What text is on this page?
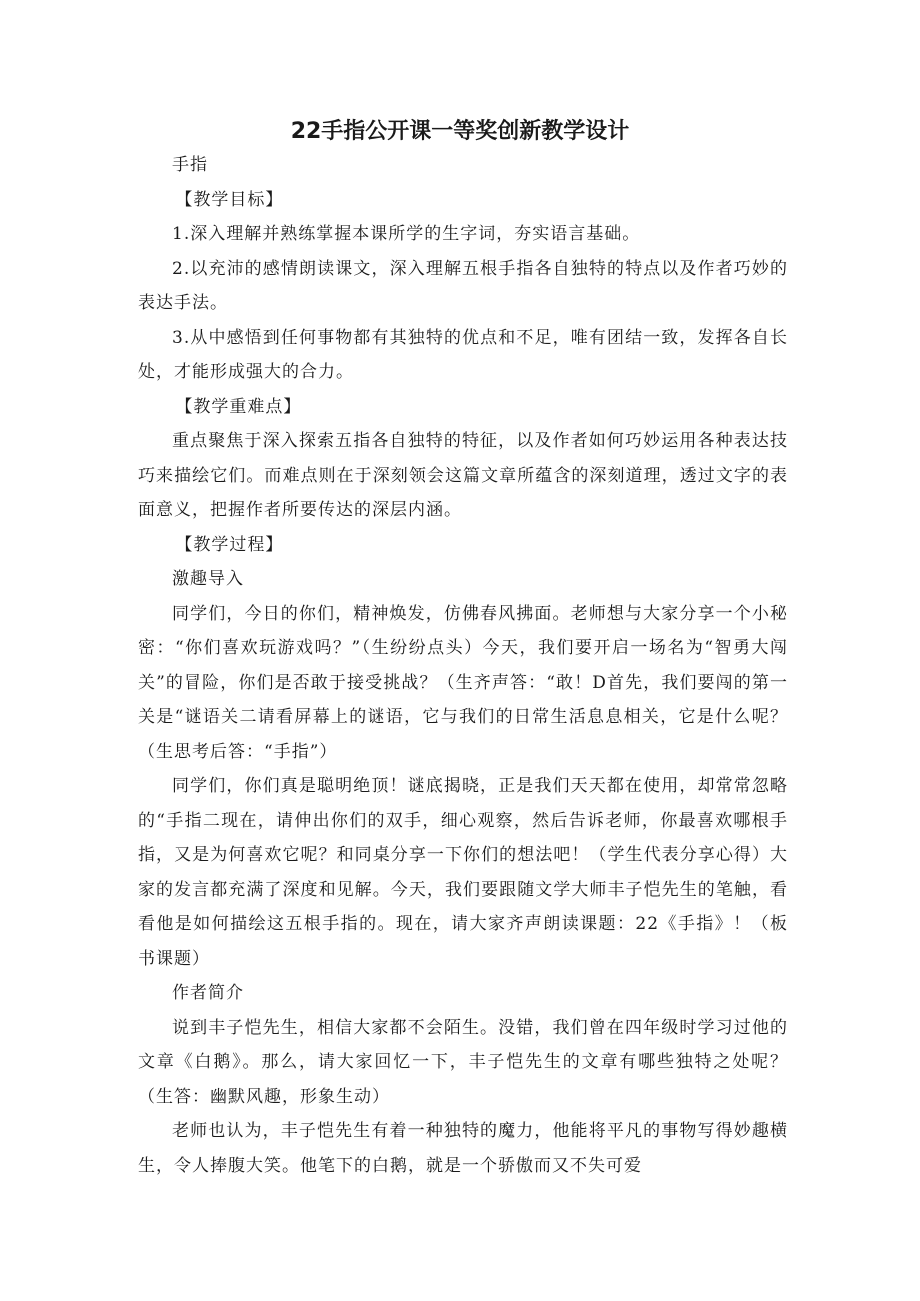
22手指公开课一等奖创新教学设计

手指

【教学目标】

1.深入理解并熟练掌握本课所学的生字词，夯实语言基础。

2.以充沛的感情朗读课文，深入理解五根手指各自独特的特点以及作者巧妙的表达手法。

3.从中感悟到任何事物都有其独特的优点和不足，唯有团结一致，发挥各自长处，才能形成强大的合力。

【教学重难点】

重点聚焦于深入探索五指各自独特的特征，以及作者如何巧妙运用各种表达技巧来描绘它们。而难点则在于深刻领会这篇文章所蕴含的深刻道理，透过文字的表面意义，把握作者所要传达的深层内涵。

【教学过程】

激趣导入

同学们，今日的你们，精神焕发，仿佛春风拂面。老师想与大家分享一个小秘密：“你们喜欢玩游戏吗？”（生纷纷点头）今天，我们要开启一场名为“智勇大闯关”的冒险，你们是否敢于接受挑战？（生齐声答：“敢！D首先，我们要闯的第一关是“谜语关二请看屏幕上的谜语，它与我们的日常生活息息相关，它是什么呢？（生思考后答：“手指”）

同学们，你们真是聪明绝顶！谜底揭晓，正是我们天天都在使用，却常常忽略的“手指二现在，请伸出你们的双手，细心观察，然后告诉老师，你最喜欢哪根手指，又是为何喜欢它呢？和同桌分享一下你们的想法吧！（学生代表分享心得）大家的发言都充满了深度和见解。今天，我们要跟随文学大师丰子恺先生的笔触，看看他是如何描绘这五根手指的。现在，请大家齐声朗读课题：22《手指》！（板书课题）

作者简介

说到丰子恺先生，相信大家都不会陌生。没错，我们曾在四年级时学习过他的文章《白鹅》。那么，请大家回忆一下，丰子恺先生的文章有哪些独特之处呢？（生答：幽默风趣，形象生动）

老师也认为，丰子恺先生有着一种独特的魔力，他能将平凡的事物写得妙趣横生，令人捧腹大笑。他笔下的白鹅，就是一个骄傲而又不失可爱
